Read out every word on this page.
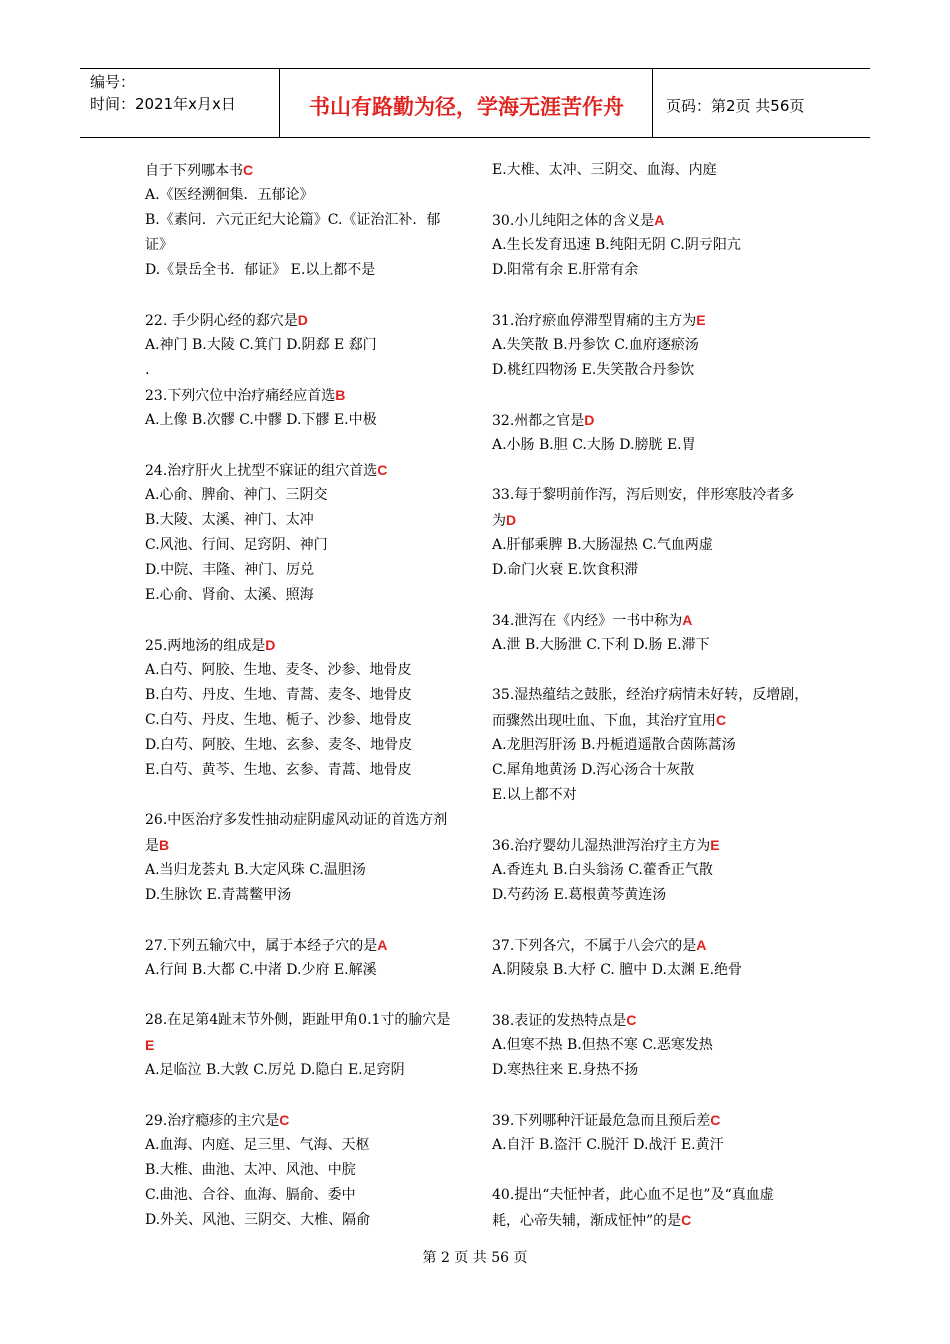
编号：
时间：2021年x月x日	书山有路勤为径，学海无涯苦作舟	页码：第2页 共56页
自于下列哪本书C
A.《医经溯徊集．五郁论》
B.《素问．六元正纪大论篇》C.《证治汇补．郁
证》
D.《景岳全书．郁证》 E.以上都不是
22. 手少阴心经的郄穴是D
A.神门 B.大陵 C.箕门 D.阴郄 E 郄门
.
23.下列穴位中治疗痛经应首选B
A.上像 B.次髎 C.中髎 D.下髎 E.中极
24.治疗肝火上扰型不寐证的组穴首选C
A.心俞、脾俞、神门、三阴交
B.大陵、太溪、神门、太冲
C.风池、行间、足窍阴、神门
D.中院、丰隆、神门、厉兑
E.心俞、肾俞、太溪、照海
25.两地汤的组成是D
A.白芍、阿胶、生地、麦冬、沙参、地骨皮
B.白芍、丹皮、生地、青蒿、麦冬、地骨皮
C.白芍、丹皮、生地、栀子、沙参、地骨皮
D.白芍、阿胶、生地、玄参、麦冬、地骨皮
E.白芍、黄芩、生地、玄参、青蒿、地骨皮
26.中医治疗多发性抽动症阴虚风动证的首选方剂
是B
A.当归龙荟丸 B.大定风珠 C.温胆汤
D.生脉饮 E.青蒿鳖甲汤
27.下列五输穴中，属于本经子穴的是A
A.行间 B.大都 C.中渚 D.少府 E.解溪
28.在足第4趾末节外侧，距趾甲角0.1寸的腧穴是
E
A.足临泣 B.大敦 C.厉兑 D.隐白 E.足窍阴
29.治疗瘾疹的主穴是C
A.血海、内庭、足三里、气海、天枢
B.大椎、曲池、太冲、风池、中脘
C.曲池、合谷、血海、膈俞、委中
D.外关、风池、三阴交、大椎、隔俞
E.大椎、太冲、三阴交、血海、内庭
30.小儿纯阳之体的含义是A
A.生长发育迅速 B.纯阳无阴 C.阴亏阳亢
D.阳常有余 E.肝常有余
31.治疗瘀血停滞型胃痛的主方为E
A.失笑散 B.丹参饮 C.血府逐瘀汤
D.桃红四物汤 E.失笑散合丹参饮
32.州都之官是D
A.小肠 B.胆 C.大肠 D.膀胱 E.胃
33.每于黎明前作泻，泻后则安，伴形寒肢冷者多
为D
A.肝郁乘脾 B.大肠湿热 C.气血两虚
D.命门火衰 E.饮食积滞
34.泄泻在《内经》一书中称为A
A.泄 B.大肠泄 C.下利 D.肠 E.滞下
35.湿热蕴结之鼓胀，经治疗病情未好转，反增剧，
而骤然出现吐血、下血，其治疗宜用C
A.龙胆泻肝汤 B.丹栀逍遥散合茵陈蒿汤
C.犀角地黄汤 D.泻心汤合十灰散
E.以上都不对
36.治疗婴幼儿湿热泄泻治疗主方为E
A.香连丸 B.白头翁汤 C.藿香正气散
D.芍药汤 E.葛根黄芩黄连汤
37.下列各穴，不属于八会穴的是A
A.阴陵泉 B.大杼 C. 膻中 D.太渊 E.绝骨
38.表证的发热特点是C
A.但寒不热 B.但热不寒 C.恶寒发热
D.寒热往来 E.身热不扬
39.下列哪种汗证最危急而且预后差C
A.自汗 B.盗汗 C.脱汗 D.战汗 E.黄汗
40.提出“夫怔忡者，此心血不足也”及“真血虚
耗，心帝失辅，渐成怔忡”的是C
第 2 页 共 56 页
